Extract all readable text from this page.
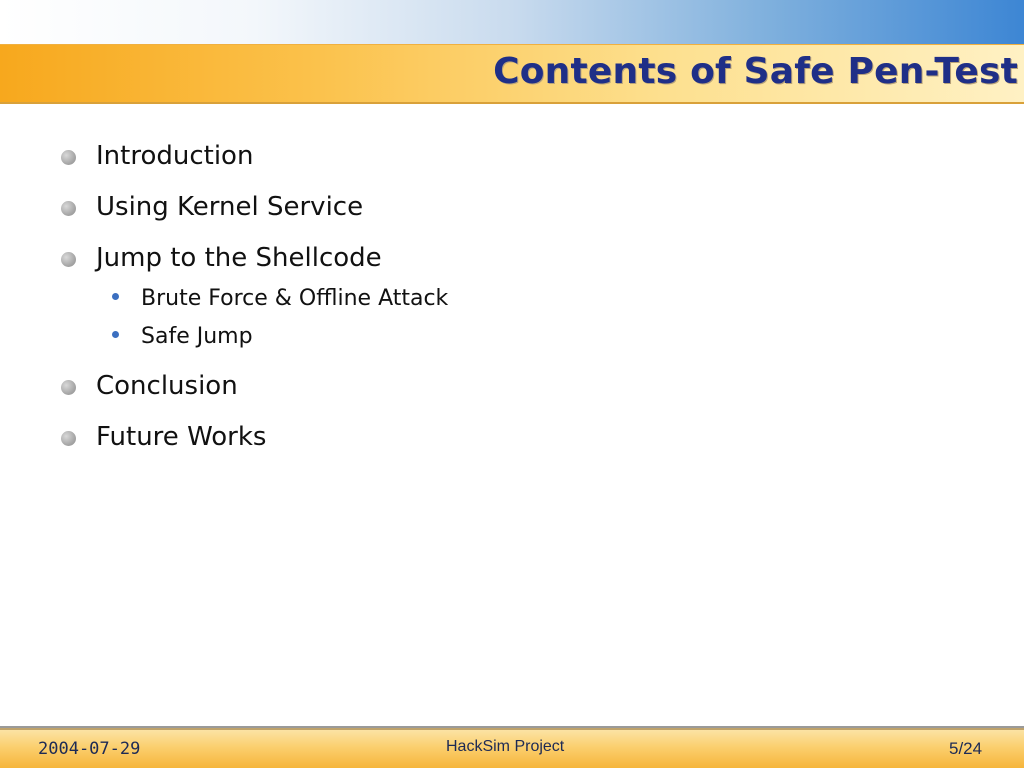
Contents of Safe Pen-Test
Introduction
Using Kernel Service
Jump to the Shellcode
Brute Force & Offline Attack
Safe Jump
Conclusion
Future Works
2004-07-29	HackSim Project	5/24
